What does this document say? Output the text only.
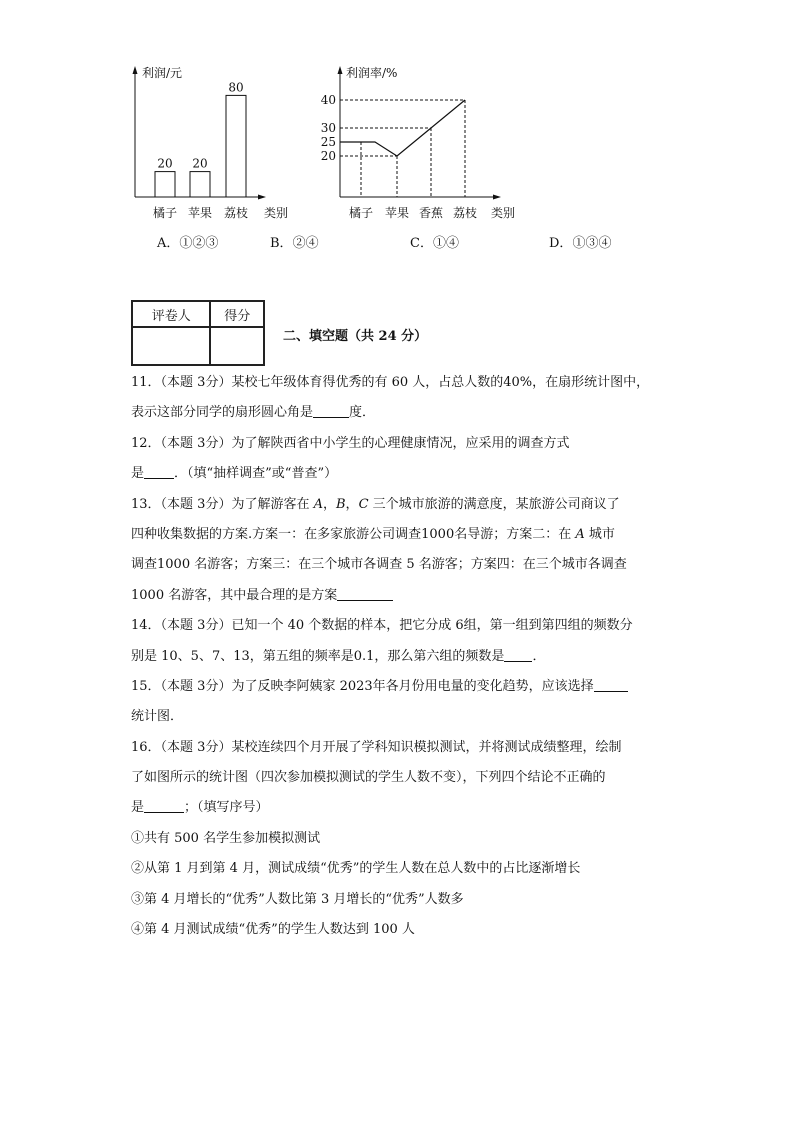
利润/元
类别
20
橘子
20
苹果
80
荔枝
利润率/%
类别
20
25
30
40
橘子 苹果 香蕉 荔枝
A．①②③	B．②④	C．①④	D．①③④
评卷人	得分

二、填空题（共 24 分）
11．（本题 3分）某校七年级体育得优秀的有 60 人，占总人数的40%，在扇形统计图中，
表示这部分同学的扇形圆心角是	度．
12．（本题 3分）为了解陕西省中小学生的心理健康情况，应采用的调查方式
是 ．（填“抽样调查”或“普查”）
13．（本题 3分）为了解游客在 A，B，C 三个城市旅游的满意度，某旅游公司商议了
四种收集数据的方案.方案一：在多家旅游公司调查1000名导游；方案二：在 A 城市
调查1000 名游客；方案三：在三个城市各调查 5 名游客；方案四：在三个城市各调查
1000 名游客，其中最合理的是方案
14．（本题 3分）已知一个 40 个数据的样本，把它分成 6组，第一组到第四组的频数分
别是 10、5、7、13，第五组的频率是0.1，那么第六组的频数是 ．
15．（本题 3分）为了反映李阿姨家 2023年各月份用电量的变化趋势，应该选择
统计图．
16．（本题 3分）某校连续四个月开展了学科知识模拟测试，并将测试成绩整理，绘制
了如图所示的统计图（四次参加模拟测试的学生人数不变），下列四个结论不正确的
是	；（填写序号）
①共有 500 名学生参加模拟测试
②从第 1 月到第 4 月，测试成绩“优秀”的学生人数在总人数中的占比逐渐增长
③第 4 月增长的“优秀”人数比第 3 月增长的“优秀”人数多
④第 4 月测试成绩“优秀”的学生人数达到 100 人
